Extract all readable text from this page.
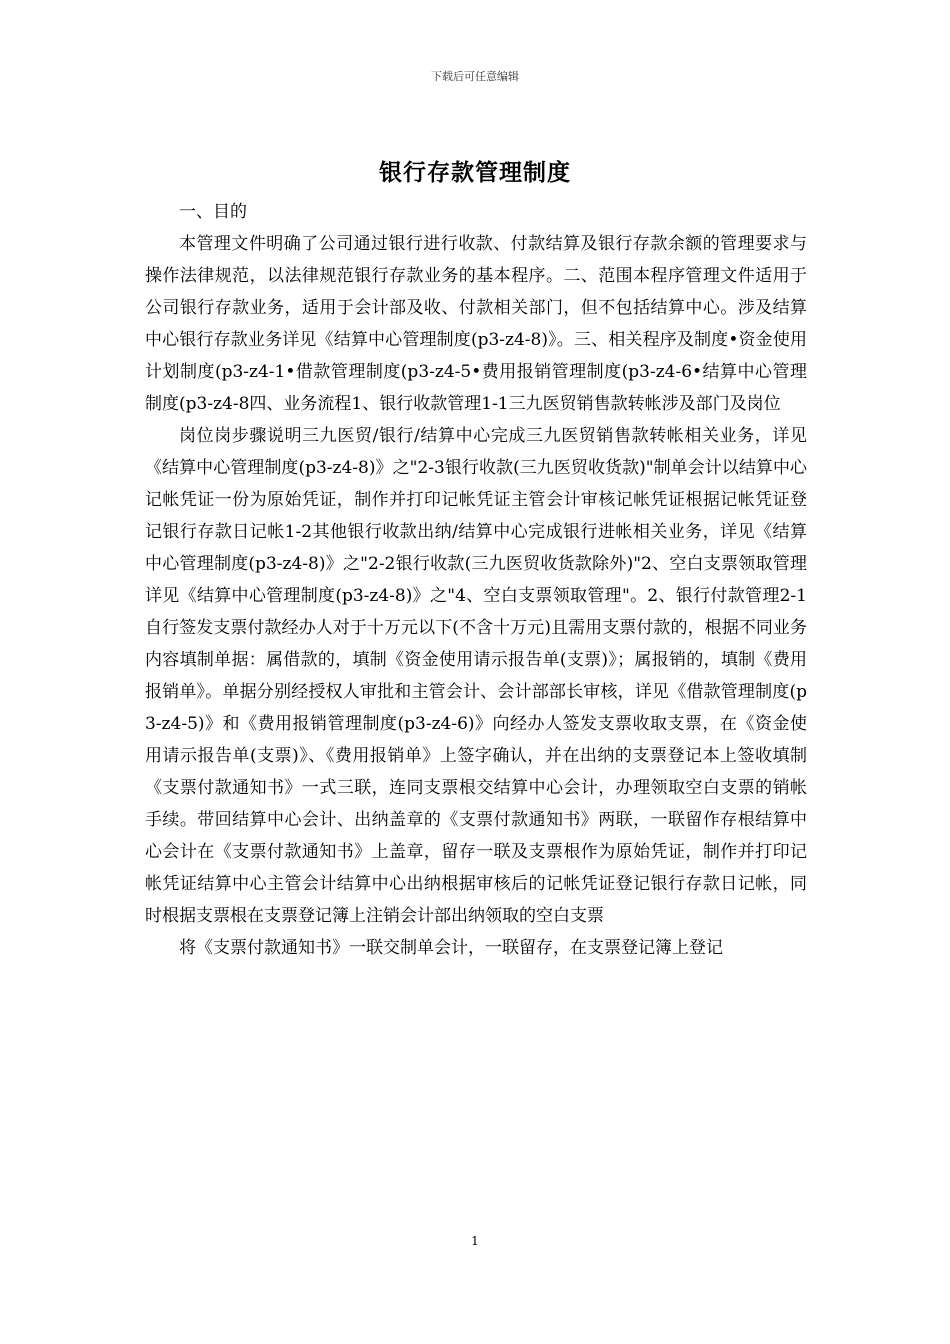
下载后可任意编辑
银行存款管理制度

一、目的

本管理文件明确了公司通过银行进行收款、付款结算及银行存款余额的管理要求与操作法律规范，以法律规范银行存款业务的基本程序。二、范围本程序管理文件适用于公司银行存款业务，适用于会计部及收、付款相关部门，但不包括结算中心。涉及结算中心银行存款业务详见《结算中心管理制度(p3-z4-8)》。三、相关程序及制度•资金使用计划制度(p3-z4-1•借款管理制度(p3-z4-5•费用报销管理制度(p3-z4-6•结算中心管理制度(p3-z4-8四、业务流程1、银行收款管理1-1三九医贸销售款转帐涉及部门及岗位

岗位岗步骤说明三九医贸/银行/结算中心完成三九医贸销售款转帐相关业务，详见《结算中心管理制度(p3-z4-8)》之"2-3银行收款(三九医贸收货款)"制单会计以结算中心记帐凭证一份为原始凭证，制作并打印记帐凭证主管会计审核记帐凭证根据记帐凭证登记银行存款日记帐1-2其他银行收款出纳/结算中心完成银行进帐相关业务，详见《结算中心管理制度(p3-z4-8)》之"2-2银行收款(三九医贸收货款除外)"2、空白支票领取管理详见《结算中心管理制度(p3-z4-8)》之"4、空白支票领取管理"。2、银行付款管理2-1自行签发支票付款经办人对于十万元以下(不含十万元)且需用支票付款的，根据不同业务内容填制单据：属借款的，填制《资金使用请示报告单(支票)》；属报销的，填制《费用报销单》。单据分别经授权人审批和主管会计、会计部部长审核，详见《借款管理制度(p3-z4-5)》和《费用报销管理制度(p3-z4-6)》向经办人签发支票收取支票，在《资金使用请示报告单(支票)》、《费用报销单》上签字确认，并在出纳的支票登记本上签收填制《支票付款通知书》一式三联，连同支票根交结算中心会计，办理领取空白支票的销帐手续。带回结算中心会计、出纳盖章的《支票付款通知书》两联，一联留作存根结算中心会计在《支票付款通知书》上盖章，留存一联及支票根作为原始凭证，制作并打印记帐凭证结算中心主管会计结算中心出纳根据审核后的记帐凭证登记银行存款日记帐，同时根据支票根在支票登记簿上注销会计部出纳领取的空白支票

将《支票付款通知书》一联交制单会计，一联留存，在支票登记簿上登记

1
